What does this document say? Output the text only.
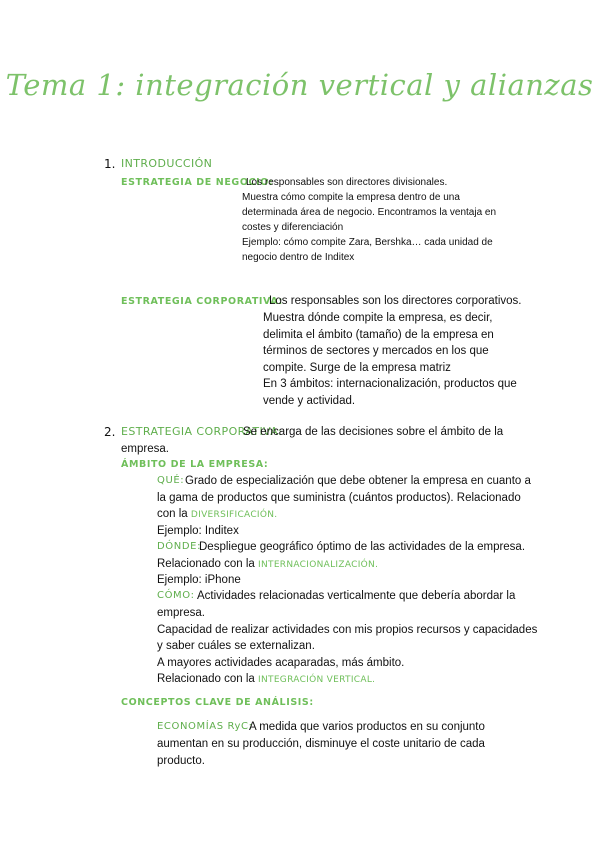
Tema 1: integración vertical y alianzas
1. INTRODUCCIÓN
ESTRATEGIA DE NEGOCIO:
Los responsables son directores divisionales.
Muestra cómo compite la empresa dentro de una
determinada área de negocio. Encontramos la ventaja en
costes y diferenciación
Ejemplo: cómo compite Zara, Bershka… cada unidad de
negocio dentro de Inditex
ESTRATEGIA CORPORATIVA:
Los responsables son los directores corporativos.
Muestra dónde compite la empresa, es decir,
delimita el ámbito (tamaño) de la empresa en
términos de sectores y mercados en los que
compite. Surge de la empresa matriz
En 3 ámbitos: internacionalización, productos que
vende y actividad.
2. ESTRATEGIA CORPORATIVA:
Se encarga de las decisiones sobre el ámbito de la
empresa.
ÁMBITO DE LA EMPRESA:
QUÉ: Grado de especialización que debe obtener la empresa en cuanto a
la gama de productos que suministra (cuántos productos). Relacionado
con la DIVERSIFICACIÓN.
Ejemplo: Inditex
DÓNDE:
Despliegue geográfico óptimo de las actividades de la empresa.
Relacionado con la INTERNACIONALIZACIÓN.
Ejemplo: iPhone
CÓMO: Actividades relacionadas verticalmente que debería abordar la
empresa.
Capacidad de realizar actividades con mis propios recursos y capacidades
y saber cuáles se externalizan.
A mayores actividades acaparadas, más ámbito.
Relacionado con la INTEGRACIÓN VERTICAL.
CONCEPTOS CLAVE DE ANÁLISIS:
ECONOMÍAS RyC:
A medida que varios productos en su conjunto
aumentan en su producción, disminuye el coste unitario de cada
producto.
